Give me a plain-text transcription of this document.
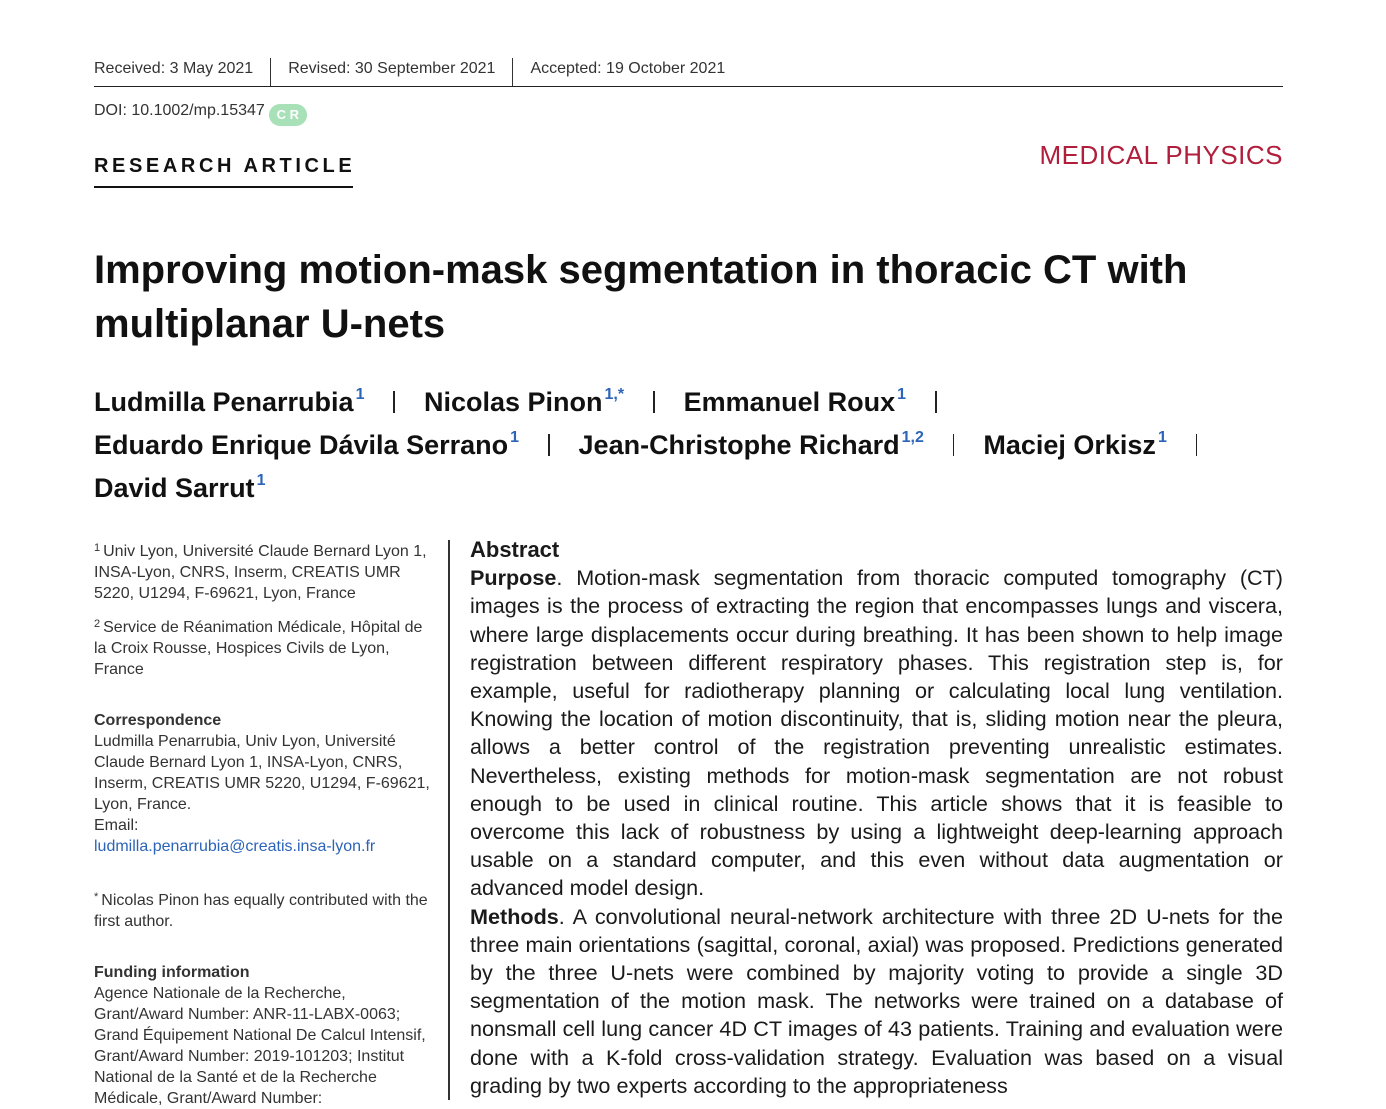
Received: 3 May 2021 Revised: 30 September 2021 Accepted: 19 October 2021
DOI: 10.1002/mp.15347 C R
RESEARCH ARTICLE	MEDICAL PHYSICS
Improving motion-mask segmentation in thoracic CT with multiplanar U-nets
Ludmilla Penarrubia $^1$ Nicolas Pinon $^{1,*}$ Emmanuel Roux $^1$
Eduardo Enrique Dávila Serrano $^1$ Jean-Christophe Richard $^{1,2}$ Maciej Orkisz $^1$
David Sarrut $^1$

$^1$ Univ Lyon, Université Claude Bernard Lyon 1, INSA-Lyon, CNRS, Inserm, CREATIS UMR 5220, U1294, F-69621, Lyon, France

$^2$ Service de Réanimation Médicale, Hôpital de la Croix Rousse, Hospices Civils de Lyon, France

Correspondence

Ludmilla Penarrubia, Univ Lyon, Université Claude Bernard Lyon 1, INSA-Lyon, CNRS, Inserm, CREATIS UMR 5220, U1294, F-69621, Lyon, France.

Email:

ludmilla.penarrubia@creatis.insa-lyon.fr

* Nicolas Pinon has equally contributed with the first author.

Funding information

Agence Nationale de la Recherche, Grant/Award Number: ANR-11-LABX-0063; Grand Équipement National De Calcul Intensif, Grant/Award Number: 2019-101203; Institut National de la Santé et de la Recherche Médicale, Grant/Award Number:

Abstract

Purpose. Motion-mask segmentation from thoracic computed tomography (CT) images is the process of extracting the region that encompasses lungs and viscera, where large displacements occur during breathing. It has been shown to help image registration between different respiratory phases. This registration step is, for example, useful for radiotherapy planning or calculating local lung ventilation. Knowing the location of motion discontinuity, that is, sliding motion near the pleura, allows a better control of the registration preventing unrealistic estimates. Nevertheless, existing methods for motion-mask segmentation are not robust enough to be used in clinical routine. This article shows that it is feasible to overcome this lack of robustness by using a lightweight deep-learning approach usable on a standard computer, and this even without data augmentation or advanced model design.

Methods. A convolutional neural-network architecture with three 2D U-nets for the three main orientations (sagittal, coronal, axial) was proposed. Predictions generated by the three U-nets were combined by majority voting to provide a single 3D segmentation of the motion mask. The networks were trained on a database of nonsmall cell lung cancer 4D CT images of 43 patients. Training and evaluation were done with a K-fold cross-validation strategy. Evaluation was based on a visual grading by two experts according to the appropriateness
